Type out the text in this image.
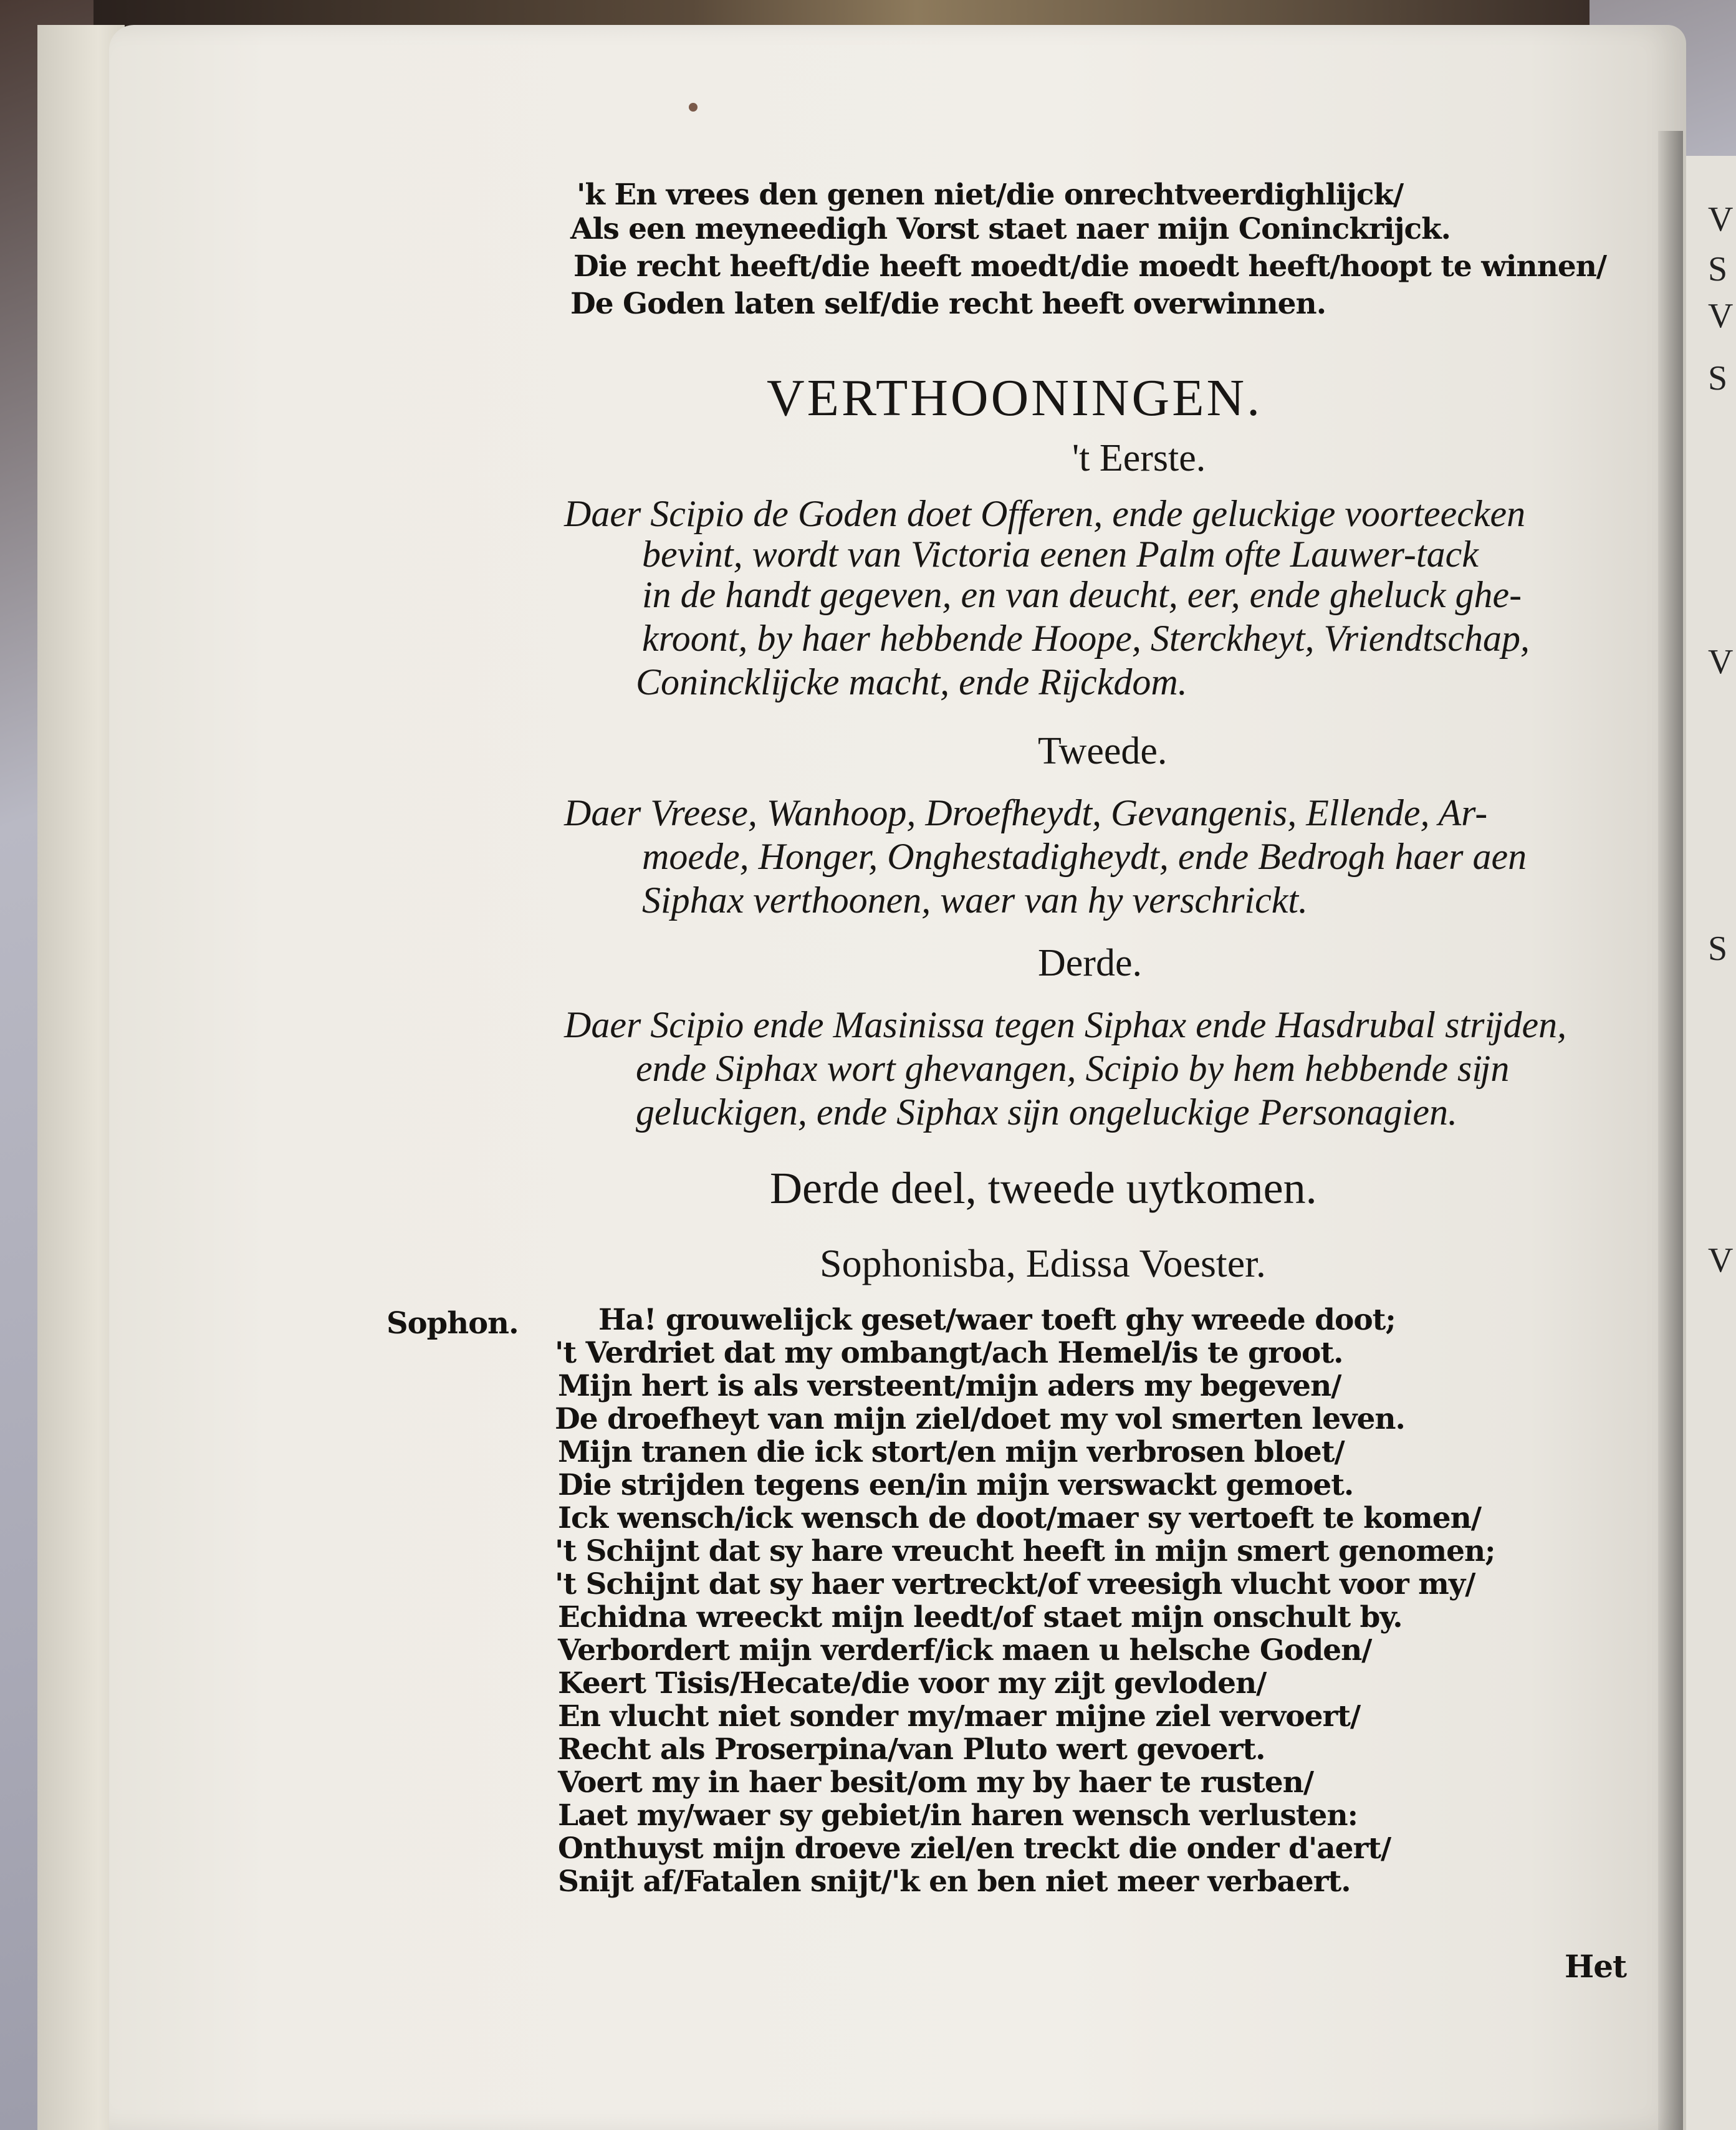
V
S
V
S
V
S
V
'k En vrees den genen niet/die onrechtveerdighlijck/
Als een meyneedigh Vorst staet naer mijn Coninckrijck.
Die recht heeft/die heeft moedt/die moedt heeft/hoopt te winnen/
De Goden laten self/die recht heeft overwinnen.
VERTHOONINGEN.
't Eerste.
Daer Scipio de Goden doet Offeren, ende geluckige voorteecken
bevint, wordt van Victoria eenen Palm ofte Lauwer-tack
in de handt gegeven, en van deucht, eer, ende gheluck ghe-
kroont, by haer hebbende Hoope, Sterckheyt, Vriendtschap,
Conincklĳcke macht, ende Rĳckdom.
Tweede.
Daer Vreese, Wanhoop, Droefheydt, Gevangenis, Ellende, Ar-
moede, Honger, Onghestadigheydt, ende Bedrogh haer aen
Siphax verthoonen, waer van hy verschrickt.
Derde.
Daer Scipio ende Masinissa tegen Siphax ende Hasdrubal strĳden,
ende Siphax wort ghevangen, Scipio by hem hebbende sĳn
geluckigen, ende Siphax sĳn ongeluckige Personagien.
Derde deel, tweede uytkomen.
Sophonisba, Edissa Voester.
Sophon.	Ha! grouwelĳck geset/waer toeft ghy wreede doot;
't Verdriet dat my ombangt/ach Hemel/is te groot.
Mĳn hert is als versteent/mĳn aders my begeven/
De droefheyt van mĳn ziel/doet my vol smerten leven.
Mĳn tranen die ick stort/en mĳn verbrosen bloet/
Die strĳden tegens een/in mĳn verswackt gemoet.
Ick wensch/ick wensch de doot/maer sy vertoeft te komen/
't Schĳnt dat sy hare vreucht heeft in mĳn smert genomen;
't Schĳnt dat sy haer vertreckt/of vreesigh vlucht voor my/
Echidna wreeckt mĳn leedt/of staet mĳn onschult by.
Verbordert mĳn verderf/ick maen u helsche Goden/
Keert Tisis/Hecate/die voor my zĳt gevloden/
En vlucht niet sonder my/maer mĳne ziel vervoert/
Recht als Proserpina/van Pluto wert gevoert.
Voert my in haer besit/om my by haer te rusten/
Laet my/waer sy gebiet/in haren wensch verlusten:
Onthuyst mĳn droeve ziel/en treckt die onder d'aert/
Snĳt af/Fatalen snĳt/'k en ben niet meer verbaert.
Het
